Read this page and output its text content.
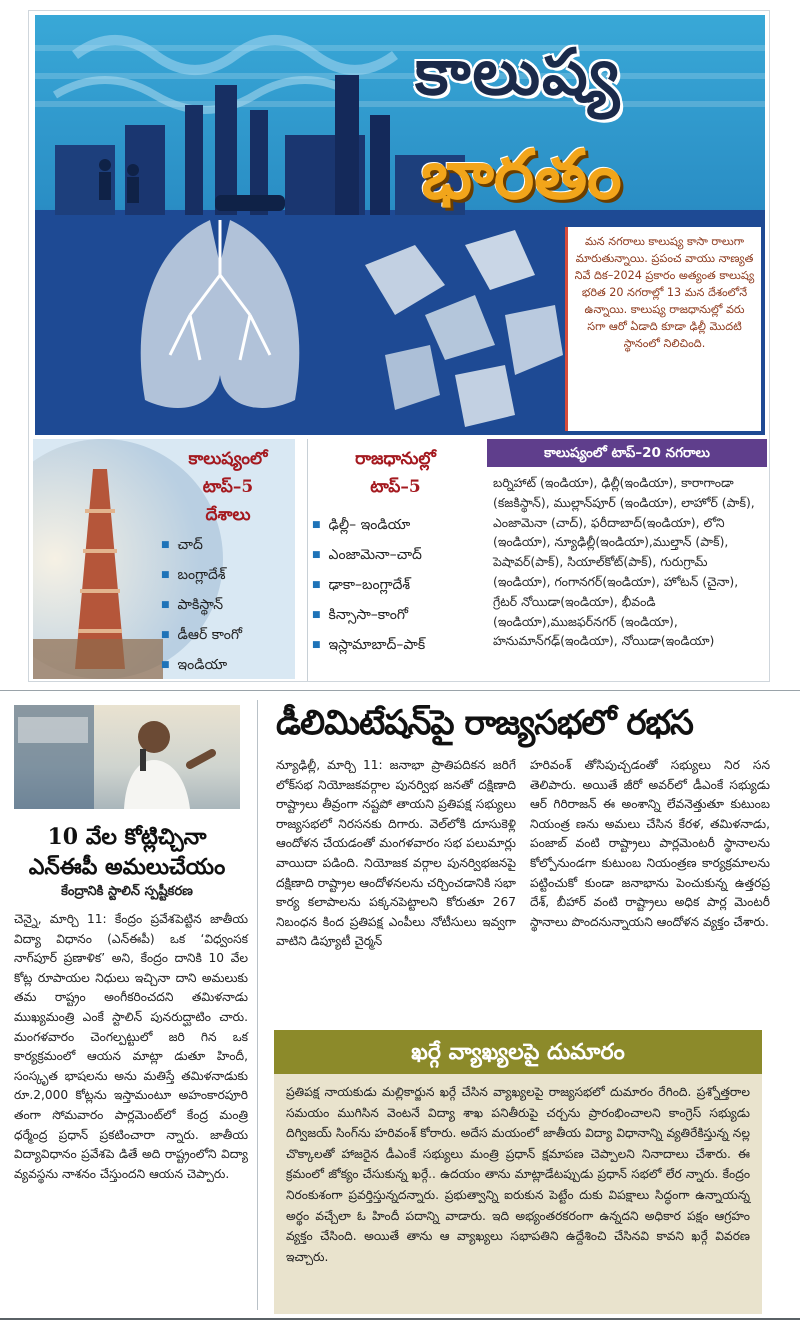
కాలుష్య
భారతం

మన నగరాలు కాలుష్య కాసా రాలుగా మారుతున్నాయి. ప్రపంచ వాయు నాణ్యత నివే దిక–2024 ప్రకారం అత్యంత కాలుష్య భరిత 20 నగరాల్లో 13 మన దేశంలోనే ఉన్నాయి. కాలుష్య రాజధానుల్లో వరు సగా ఆరో ఏడాది కూడా ఢిల్లీ మొదటి స్థానంలో నిలిచింది.

కాలుష్యంలో
టాప్‌–5
దేశాలు
■ చాద్
■ బంగ్లాదేశ్
■ పాకిస్థాన్
■ డీఆర్ కాంగో
■ ఇండియా
రాజధానుల్లో
టాప్‌–5
■ ఢిల్లీ– ఇండియా
■ ఎంజామెనా–చాద్
■ ఢాకా–బంగ్లాదేశ్
■ కిన్సాసా–కాంగో
■ ఇస్లామాబాద్–పాక్
కాలుష్యంలో టాప్‌–20 నగరాలు
బర్నిహాట్ (ఇండియా), ఢిల్లీ(ఇండియా), కారాగాండా (కజకిస్థాన్), ముల్లాన్‌పూర్ (ఇండియా), లాహోర్ (పాక్), ఎంజామెనా (చాద్), ఫరీదాబాద్(ఇండియా), లోని (ఇండియా), న్యూఢిల్లీ(ఇండియా),ముల్తాన్ (పాక్), పెషావర్(పాక్), సియాల్‌కోట్(పాక్), గురుగ్రామ్ (ఇండియా), గంగానగర్(ఇండియా), హోటన్ (చైనా), గ్రేటర్ నోయిడా(ఇండియా), భీవండి (ఇండియా),ముజఫర్‌నగర్ (ఇండియా), హనుమాన్‌గఢ్(ఇండియా), నోయిడా(ఇండియా)
10 వేల కోట్లిచ్చినా
ఎన్‌ఈపీ అమలుచేయం
కేంద్రానికి స్టాలిన్ స్పష్టీకరణ
చెన్నై, మార్చి 11: కేంద్రం ప్రవేశపెట్టిన జాతీయ విద్యా విధానం (ఎన్‌ఈపీ) ఒక ‘విధ్వంసక నాగ్‌పూర్ ప్రణాళిక’ అని, కేంద్రం దానికి 10 వేల కోట్ల రూపాయల నిధులు ఇచ్చినా దాని అమలుకు తమ రాష్ట్రం అంగీకరించదని తమిళనాడు ముఖ్యమంత్రి ఎంకే స్టాలిన్ పునరుద్ఘాటిం చారు. మంగళవారం చెంగల్పట్టులో జరి గిన ఒక కార్యక్రమంలో ఆయన మాట్లా డుతూ హిందీ, సంస్కృత భాషలను అను మతిస్తే తమిళనాడుకు రూ.2,000 కోట్లను ఇస్తామంటూ అహంకారపూరి తంగా సోమవారం పార్లమెంట్‌లో కేంద్ర మంత్రి ధర్మేంద్ర ప్రధాన్ ప్రకటించారా న్నారు. జాతీయ విద్యావిధానం ప్రవేశపె డితే అది రాష్ట్రంలోని విద్యా వ్యవస్థను నాశనం చేస్తుందని ఆయన చెప్పారు.
డీలిమిటేషన్‌పై రాజ్యసభలో రభస
న్యూఢిల్లీ, మార్చి 11: జనాభా ప్రాతిపదికన జరిగే లోక్‌సభ నియోజకవర్గాల పునర్విభ జనతో దక్షిణాది రాష్ట్రాలు తీవ్రంగా నష్టపో తాయని ప్రతిపక్ష సభ్యులు రాజ్యసభలో నిరసనకు దిగారు. వెల్‌లోకి దూసుకెళ్లి ఆందోళన చేయడంతో మంగళవారం సభ పలుమార్లు వాయిదా పడింది. నియోజక వర్గాల పునర్విభజనపై దక్షిణాది రాష్ట్రాల ఆందోళనలను చర్చించడానికి సభా కార్య కలాపాలను పక్కనపెట్టాలని కోరుతూ 267 నిబంధన కింద ప్రతిపక్ష ఎంపీలు నోటీసులు ఇవ్వగా వాటిని డిప్యూటీ చైర్మన్
హరివంశ్ తోసిపుచ్చడంతో సభ్యులు నిర సన తెలిపారు. అయితే జీరో అవర్‌లో డీఎంకే సభ్యుడు ఆర్ గిరిరాజన్ ఈ అంశాన్ని లేవనెత్తుతూ కుటుంబ నియంత్ర ణను అమలు చేసిన కేరళ, తమిళనాడు, పంజాబ్ వంటి రాష్ట్రాలు పార్లమెంటరీ స్థానాలను కోల్పోనుండగా కుటుంబ నియంత్రణ కార్యక్రమాలను పట్టించుకో కుండా జనాభాను పెంచుకున్న ఉత్తరప్ర దేశ్, బీహార్ వంటి రాష్ట్రాలు అధిక పార్ల మెంటరీ స్థానాలు పొందనున్నాయని ఆందోళన వ్యక్తం చేశారు.
ఖర్గే వ్యాఖ్యలపై దుమారం
ప్రతిపక్ష నాయకుడు మల్లికార్జున ఖర్గే చేసిన వ్యాఖ్యలపై రాజ్యసభలో దుమారం రేగింది. ప్రశ్నోత్తరాల సమయం ముగిసిన వెంటనే విద్యా శాఖ పనితీరుపై చర్చను ప్రారంభించాలని కాంగ్రెస్ సభ్యుడు దిగ్విజయ్ సింగ్‌ను హరివంశ్ కోరారు. అదేస మయంలో జాతీయ విద్యా విధానాన్ని వ్యతిరేకిస్తున్న నల్ల చొక్కాలతో హాజరైన డీఎంకే సభ్యులు మంత్రి ప్రధాన్ క్షమాపణ చెప్పాలని నినాదాలు చేశారు. ఈ క్రమంలో జోక్యం చేసుకున్న ఖర్గే.. ఉదయం తాను మాట్లాడేటప్పుడు ప్రధాన్ సభలో లేర న్నారు. కేంద్రం నిరంకుశంగా ప్రవర్తిస్తున్నదన్నారు. ప్రభుత్వాన్ని ఐరుకున పెట్టేం దుకు విపక్షాలు సిద్ధంగా ఉన్నాయన్న అర్థం వచ్చేలా ఓ హిందీ పదాన్ని వాడారు. ఇది అభ్యంతరకరంగా ఉన్నదని అధికార పక్షం ఆగ్రహం వ్యక్తం చేసింది. అయితే తాను ఆ వ్యాఖ్యలు సభాపతిని ఉద్దేశించి చేసినవి కావని ఖర్గే వివరణ ఇచ్చారు.
